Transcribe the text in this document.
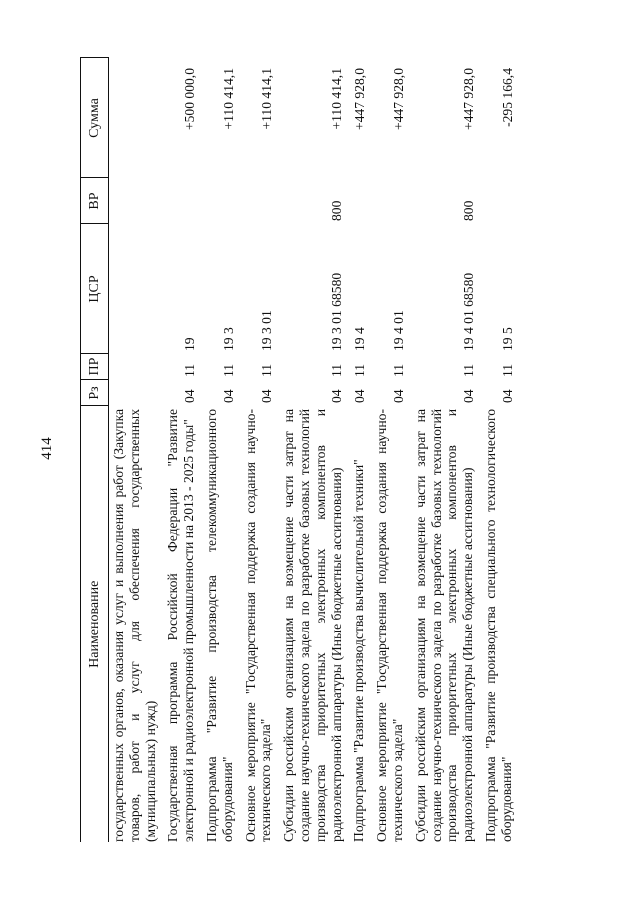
414
Наименование	Рз	ПР	ЦСР	ВР	Сумма
государственных органов, оказания услуг и выполнения работ (Закупка товаров, работ и услуг для обеспечения государственных (муниципальных) нужд)					
Государственная программа Российской Федерации "Развитие электронной и радиоэлектронной промышленности на 2013 - 2025 годы"	04	11	19		+500 000,0
Подпрограмма "Развитие производства телекоммуникационного оборудования"	04	11	19 3		+110 414,1
Основное мероприятие "Государственная поддержка создания научно-технического задела"	04	11	19 3 01		+110 414,1
Субсидии российским организациям на возмещение части затрат на создание научно-технического задела по разработке базовых технологий производства приоритетных электронных компонентов и радиоэлектронной аппаратуры (Иные бюджетные ассигнования)	04	11	19 3 01 68580	800	+110 414,1
Подпрограмма "Развитие производства вычислительной техники"	04	11	19 4		+447 928,0
Основное мероприятие "Государственная поддержка создания научно-технического задела"	04	11	19 4 01		+447 928,0
Субсидии российским организациям на возмещение части затрат на создание научно-технического задела по разработке базовых технологий производства приоритетных электронных компонентов и радиоэлектронной аппаратуры (Иные бюджетные ассигнования)	04	11	19 4 01 68580	800	+447 928,0
Подпрограмма "Развитие производства специального технологического оборудования"	04	11	19 5		-295 166,4
